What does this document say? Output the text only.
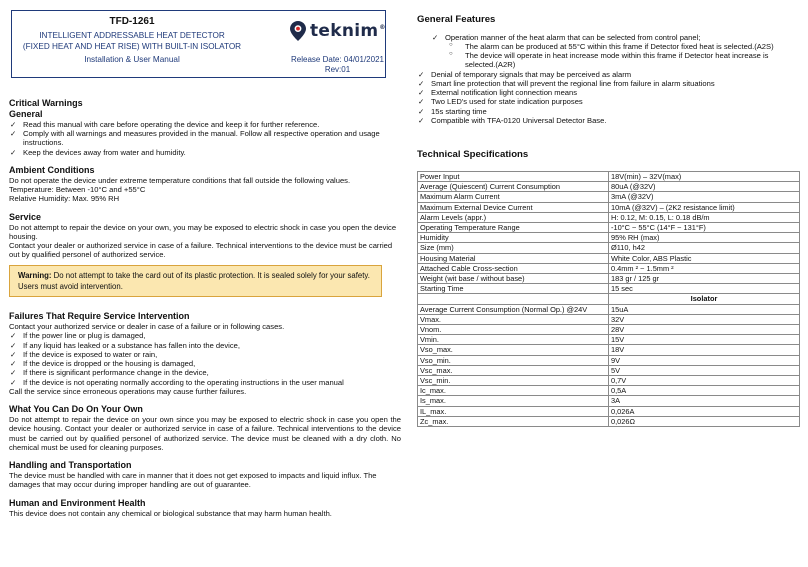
TFD-1261
INTELLIGENT ADDRESSABLE HEAT DETECTOR
(FIXED HEAT AND HEAT RISE) WITH BUILT-IN ISOLATOR
Installation & User Manual
teknim®
Release Date: 04/01/2021
Rev:01
Critical Warnings
General
✓ Read this manual with care before operating the device and keep it for further reference.
✓ Comply with all warnings and measures provided in the manual. Follow all respective operation and usage instructions.
✓ Keep the devices away from water and humidity.
Ambient Conditions
Do not operate the device under extreme temperature conditions that fall outside the following values.
Temperature: Between -10°C and +55°C
Relative Humidity: Max. 95% RH
Service
Do not attempt to repair the device on your own, you may be exposed to electric shock in case you open the device housing.
Contact your dealer or authorized service in case of a failure. Technical interventions to the device must be carried out by qualified personel of authorized service.
Warning: Do not attempt to take the card out of its plastic protection. It is sealed solely for your safety. Users must avoid intervention.
Failures That Require Service Intervention
Contact your authorized service or dealer in case of a failure or in following cases.
✓ If the power line or plug is damaged,
✓ If any liquid has leaked or a substance has fallen into the device,
✓ If the device is exposed to water or rain,
✓ If the device is dropped or the housing is damaged,
✓ If there is significant performance change in the device,
✓ If the device is not operating normally according to the operating instructions in the user manual
Call the service since erroneous operations may cause further failures.
What You Can Do On Your Own
Do not attempt to repair the device on your own since you may be exposed to electric shock in case you open the device housing. Contact your dealer or authorized service in case of a failure. Technical interventions to the device must be carried out by qualified personel of authorized service. The device must be cleaned with a dry cloth. No chemical must be used for cleaning purposes.
Handling and Transportation
The device must be handled with care in manner that it does not get exposed to impacts and liquid influx. The damages that may occur during improper handling are out of guarantee.
Human and Environment Health
This device does not contain any chemical or biological substance that may harm human health.
General Features
✓ Operation manner of the heat alarm that can be selected from control panel;
○ The alarm can be produced at 55°C within this frame if Detector fixed heat is selected.(A2S)
○ The device will operate in heat increase mode within this frame if Detector heat increase is selected.(A2R)
✓ Denial of temporary signals that may be perceived as alarm
✓ Smart line protection that will prevent the regional line from failure in alarm situations
✓ External notification light connection means
✓ Two LED's used for state indication purposes
✓ 15s starting time
✓ Compatible with TFA-0120 Universal Detector Base.
Technical Specifications
Power Input	18V(min) – 32V(max)
Average (Quiescent) Current Consumption	80uA (@32V)
Maximum Alarm Current	3mA (@32V)
Maximum External Device Current	10mA (@32V) – (2K2 resistance limit)
Alarm Levels (appr.)	H: 0.12, M: 0.15, L: 0.18 dB/m
Operating Temperature Range	-10°C ~ 55°C (14°F ~ 131°F)
Humidity	95% RH (max)
Size (mm)	Ø110, h42
Housing Material	White Color, ABS Plastic
Attached Cable Cross-section	0.4mm ² ~ 1.5mm ²
Weight (wit base / without base)	183 gr / 125 gr
Starting Time	15 sec
	Isolator
Average Current Consumption (Normal Op.) @24V	15uA
Vmax.	32V
Vnom.	28V
Vmin.	15V
Vso_max.	18V
Vso_min.	9V
Vsc_max.	5V
Vsc_min.	0,7V
Ic_max.	0,5A
Is_max.	3A
IL_max.	0,026A
Zc_max.	0,026Ω
